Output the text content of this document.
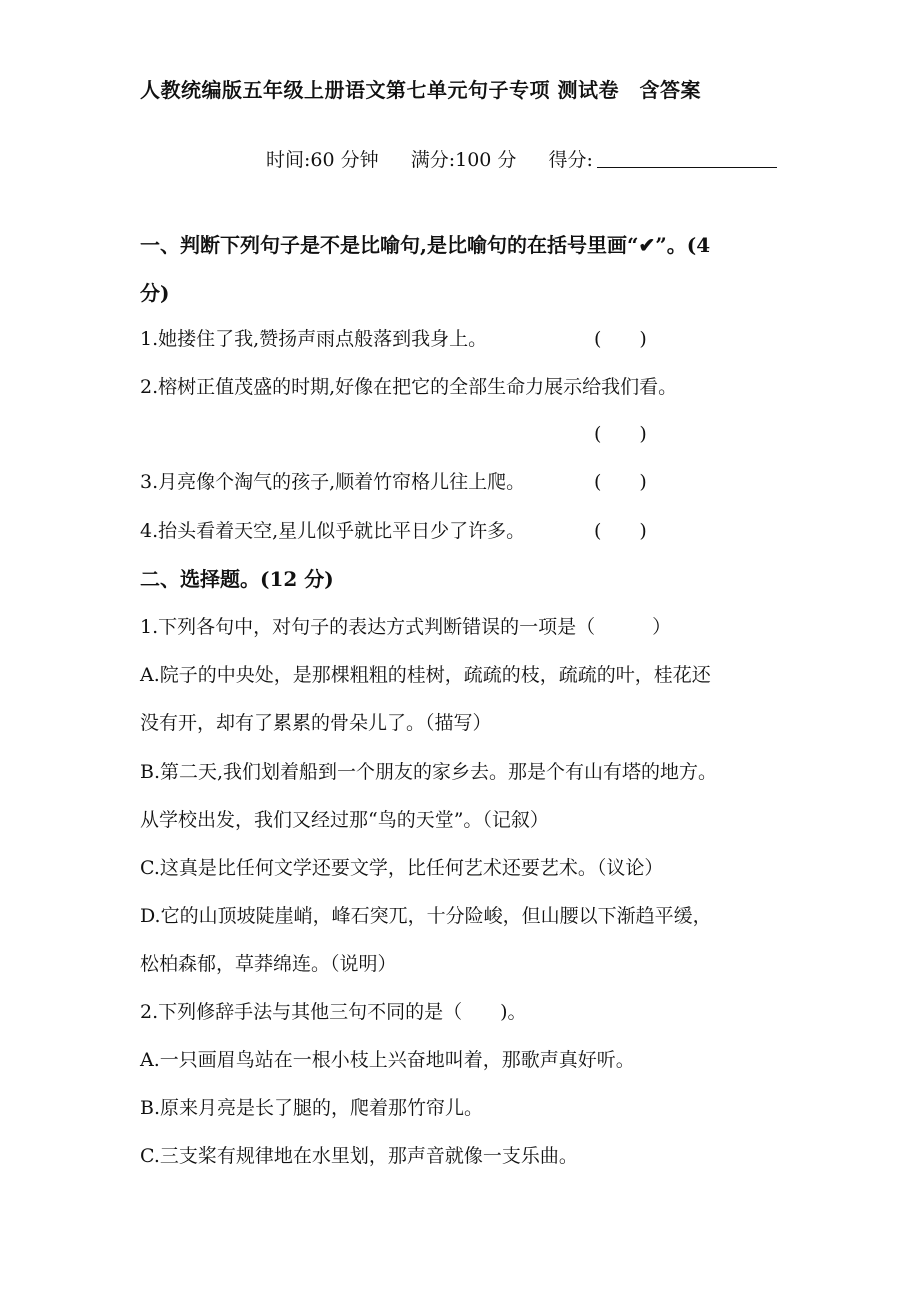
人教统编版五年级上册语文第七单元句子专项 测试卷　含答案
时间:60 分钟 满分:100 分 得分:
一、判断下列句子是不是比喻句,是比喻句的在括号里画“✔”。(4
分)
1.她搂住了我,赞扬声雨点般落到我身上。	(　　)
2.榕树正值茂盛的时期,好像在把它的全部生命力展示给我们看。
(　　)
3.月亮像个淘气的孩子,顺着竹帘格儿往上爬。	(　　)
4.抬头看着天空,星儿似乎就比平日少了许多。	(　　)
二、选择题。(12 分)
1.下列各句中，对句子的表达方式判断错误的一项是（　　　）
A.院子的中央处，是那棵粗粗的桂树，疏疏的枝，疏疏的叶，桂花还
没有开，却有了累累的骨朵儿了。（描写）
B.第二天,我们划着船到一个朋友的家乡去。那是个有山有塔的地方。
从学校出发，我们又经过那“鸟的天堂”。（记叙）
C.这真是比任何文学还要文学，比任何艺术还要艺术。（议论）
D.它的山顶坡陡崖峭，峰石突兀，十分险峻，但山腰以下渐趋平缓，
松柏森郁，草莽绵连。（说明）
2.下列修辞手法与其他三句不同的是（　　)。
A.一只画眉鸟站在一根小枝上兴奋地叫着，那歌声真好听。
B.原来月亮是长了腿的，爬着那竹帘儿。
C.三支桨有规律地在水里划，那声音就像一支乐曲。
